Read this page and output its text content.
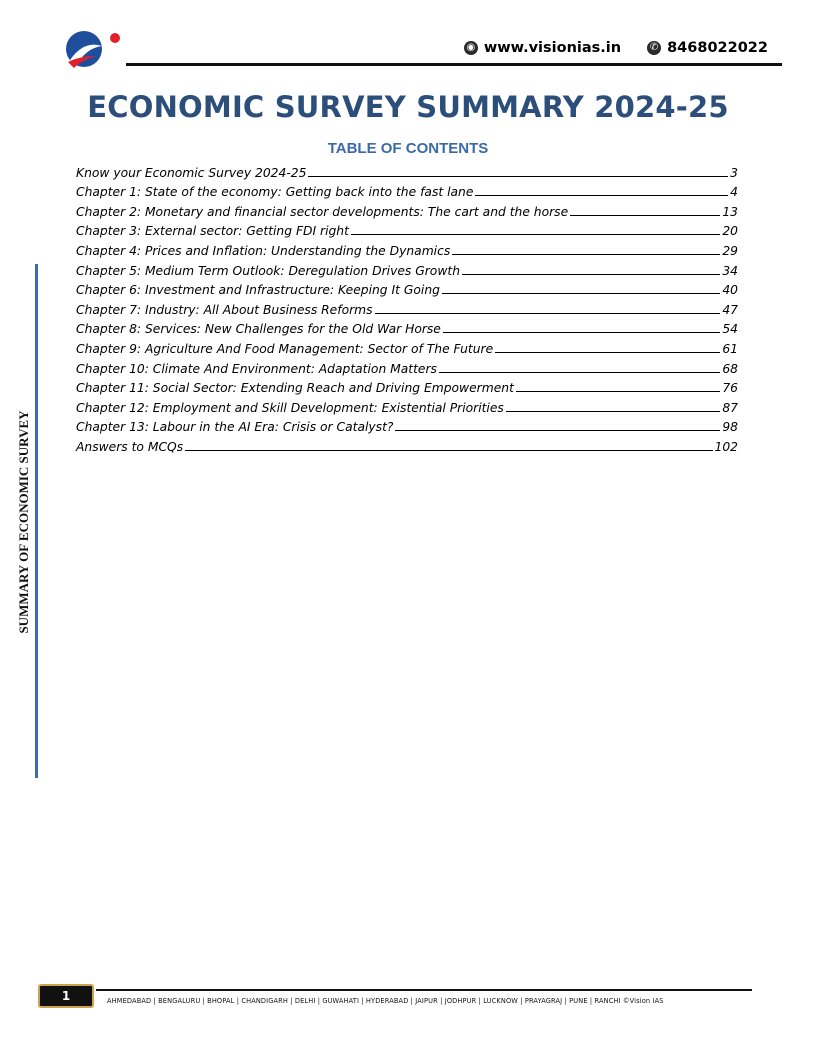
◉ www.visionias.in	✆ 8468022022
ECONOMIC SURVEY SUMMARY 2024-25
TABLE OF CONTENTS
Know your Economic Survey 2024-25	3
Chapter 1: State of the economy: Getting back into the fast lane	4
Chapter 2: Monetary and financial sector developments: The cart and the horse	13
Chapter 3: External sector: Getting FDI right	20
Chapter 4: Prices and Inflation: Understanding the Dynamics	29
Chapter 5: Medium Term Outlook: Deregulation Drives Growth	34
Chapter 6: Investment and Infrastructure: Keeping It Going	40
Chapter 7: Industry: All About Business Reforms	47
Chapter 8: Services: New Challenges for the Old War Horse	54
Chapter 9: Agriculture And Food Management: Sector of The Future	61
Chapter 10: Climate And Environment: Adaptation Matters	68
Chapter 11: Social Sector: Extending Reach and Driving Empowerment	76
Chapter 12: Employment and Skill Development: Existential Priorities	87
Chapter 13: Labour in the AI Era: Crisis or Catalyst?	98
Answers to MCQs	102
SUMMARY OF ECONOMIC SURVEY
1	AHMEDABAD | BENGALURU | BHOPAL | CHANDIGARH | DELHI | GUWAHATI | HYDERABAD | JAIPUR | JODHPUR | LUCKNOW | PRAYAGRAJ | PUNE | RANCHI ©Vision IAS
